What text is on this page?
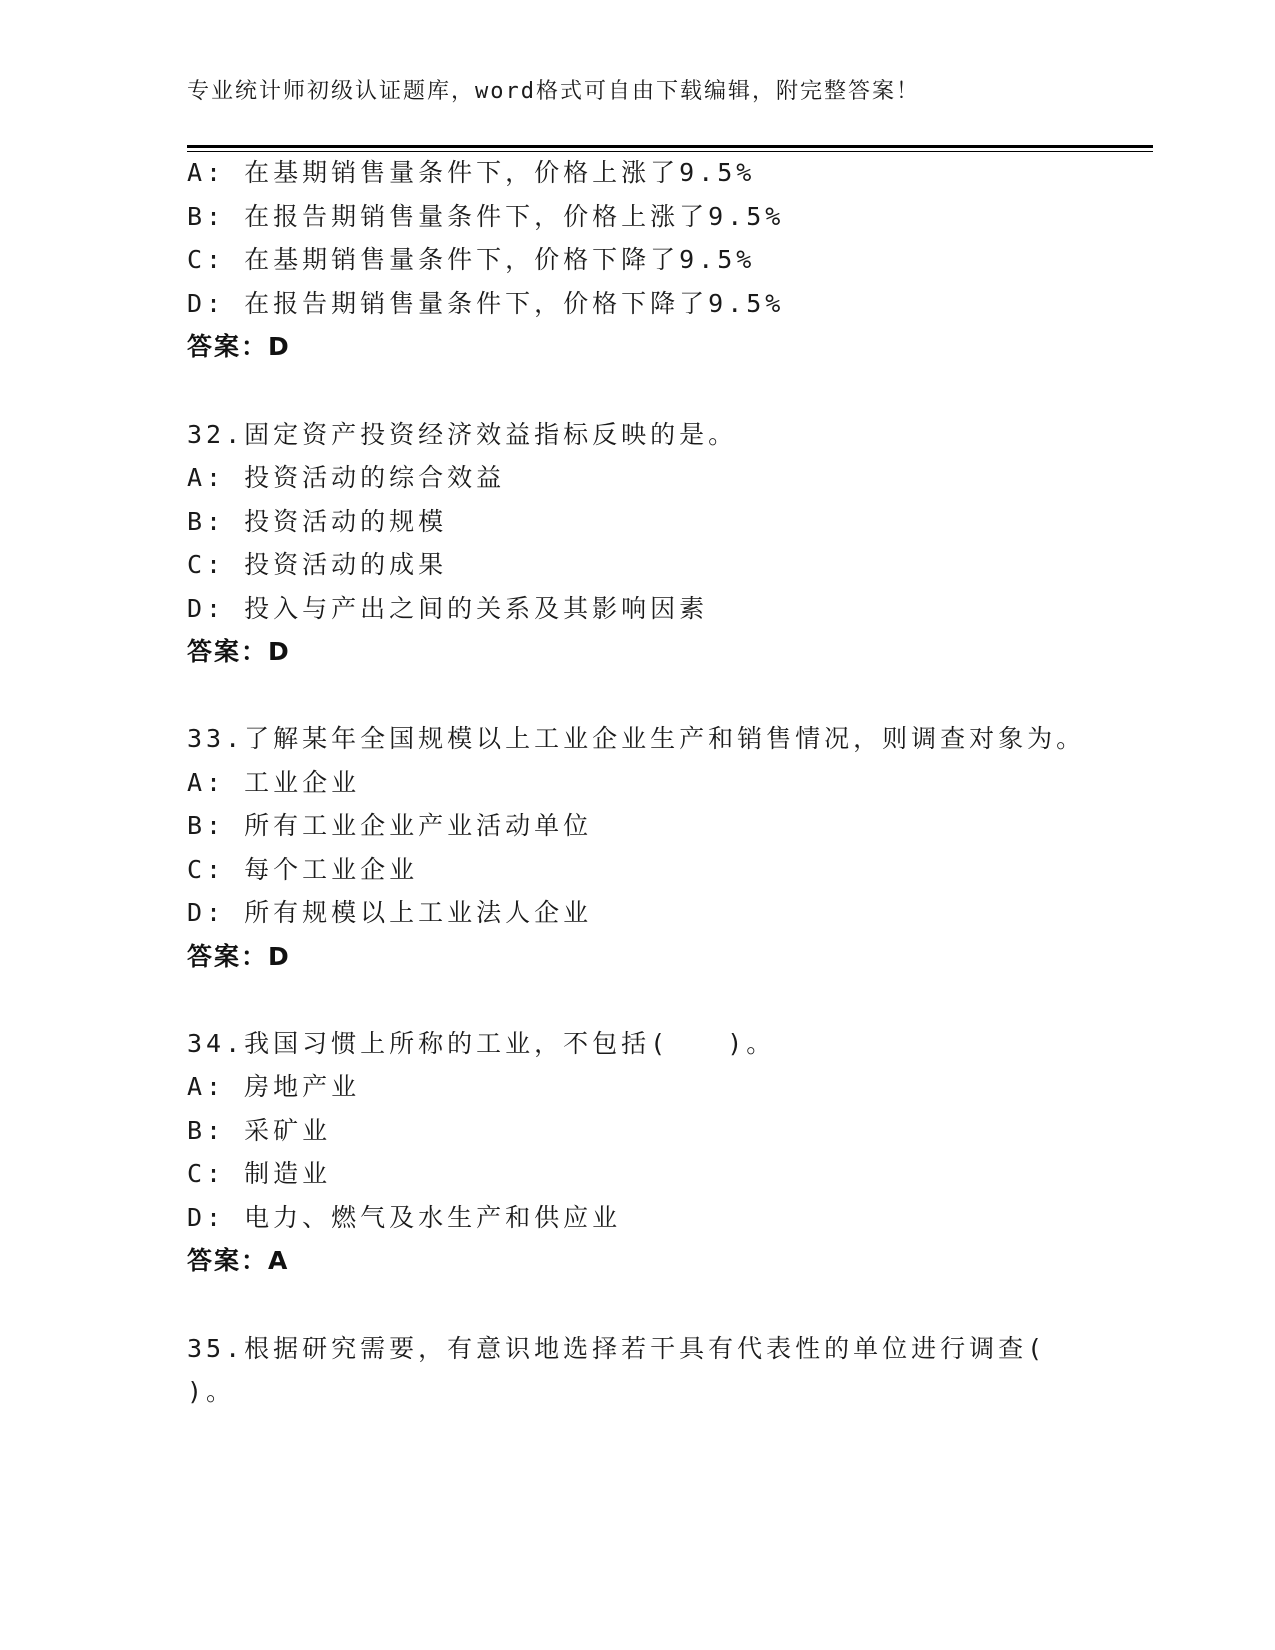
专业统计师初级认证题库，word格式可自由下载编辑，附完整答案！
A: 在基期销售量条件下，价格上涨了9.5%
B: 在报告期销售量条件下，价格上涨了9.5%
C: 在基期销售量条件下，价格下降了9.5%
D: 在报告期销售量条件下，价格下降了9.5%
答案：D
32.固定资产投资经济效益指标反映的是。
A: 投资活动的综合效益
B: 投资活动的规模
C: 投资活动的成果
D: 投入与产出之间的关系及其影响因素
答案：D
33.了解某年全国规模以上工业企业生产和销售情况，则调查对象为。
A: 工业企业
B: 所有工业企业产业活动单位
C: 每个工业企业
D: 所有规模以上工业法人企业
答案：D
34.我国习惯上所称的工业，不包括(　　)。
A: 房地产业
B: 采矿业
C: 制造业
D: 电力、燃气及水生产和供应业
答案：A
35.根据研究需要，有意识地选择若干具有代表性的单位进行调查(
)。
